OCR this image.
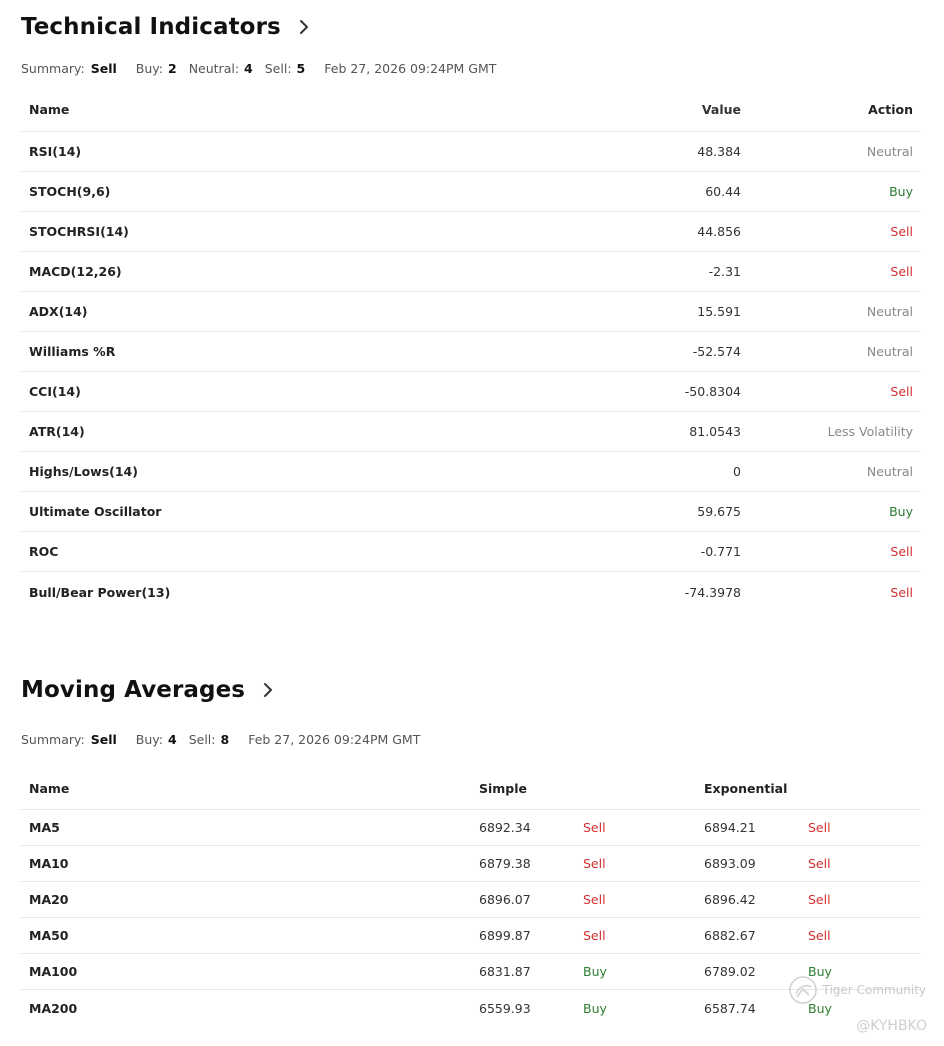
Technical Indicators
Summary: Sell Buy: 2 Neutral: 4 Sell: 5 Feb 27, 2026 09:24PM GMT
Name	Value	Action
RSI(14)	48.384	Neutral
STOCH(9,6)	60.44	Buy
STOCHRSI(14)	44.856	Sell
MACD(12,26)	-2.31	Sell
ADX(14)	15.591	Neutral
Williams %R	-52.574	Neutral
CCI(14)	-50.8304	Sell
ATR(14)	81.0543	Less Volatility
Highs/Lows(14)	0	Neutral
Ultimate Oscillator	59.675	Buy
ROC	-0.771	Sell
Bull/Bear Power(13)	-74.3978	Sell
Moving Averages
Summary: Sell Buy: 4 Sell: 8 Feb 27, 2026 09:24PM GMT
Name	Simple	Exponential
MA5	6892.34	Sell	6894.21	Sell
MA10	6879.38	Sell	6893.09	Sell
MA20	6896.07	Sell	6896.42	Sell
MA50	6899.87	Sell	6882.67	Sell
MA100	6831.87	Buy	6789.02	Buy
MA200	6559.93	Buy	6587.74	Buy
Tiger Community
@KYHBKO
